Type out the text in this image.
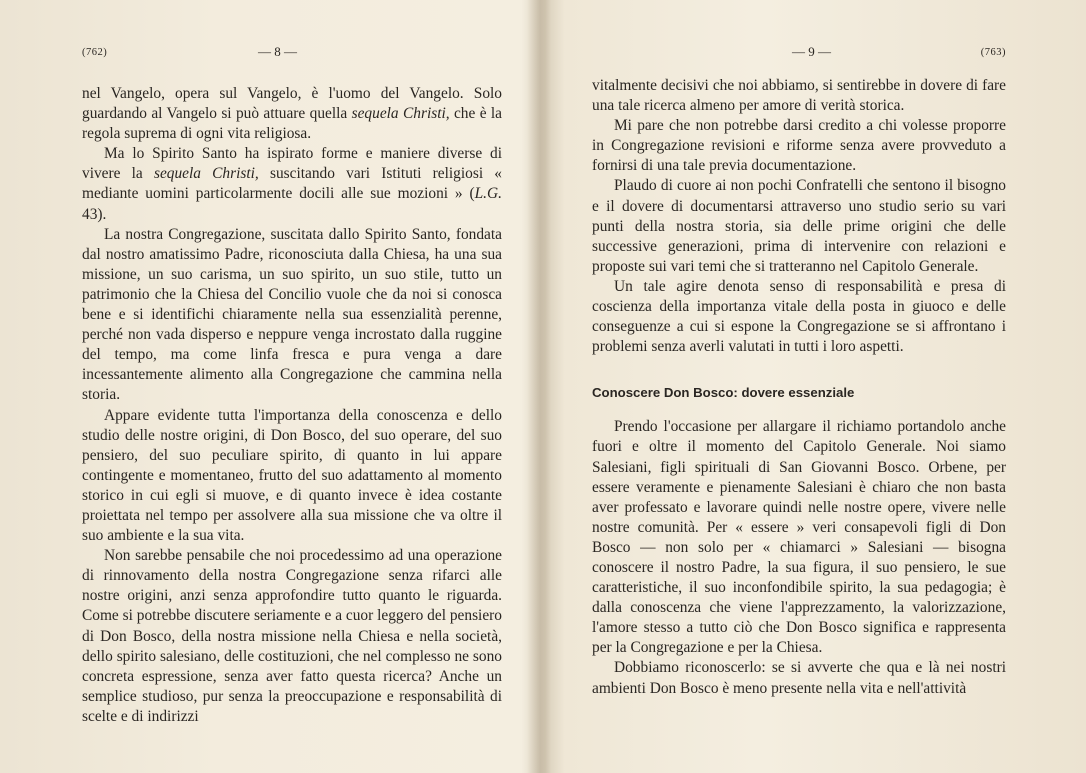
(762)	— 8 —

nel Vangelo, opera sul Vangelo, è l'uomo del Vangelo. Solo guardando al Vangelo si può attuare quella sequela Christi, che è la regola suprema di ogni vita religiosa.

Ma lo Spirito Santo ha ispirato forme e maniere diverse di vivere la sequela Christi, suscitando vari Istituti religiosi « mediante uomini particolarmente docili alle sue mozioni » (L.G. 43).

La nostra Congregazione, suscitata dallo Spirito Santo, fondata dal nostro amatissimo Padre, riconosciuta dalla Chiesa, ha una sua missione, un suo carisma, un suo spirito, un suo stile, tutto un patrimonio che la Chiesa del Concilio vuole che da noi si conosca bene e si identifichi chiaramente nella sua essenzialità perenne, perché non vada disperso e neppure venga incrostato dalla ruggine del tempo, ma come linfa fresca e pura venga a dare incessantemente alimento alla Congregazione che cammina nella storia.

Appare evidente tutta l'importanza della conoscenza e dello studio delle nostre origini, di Don Bosco, del suo operare, del suo pensiero, del suo peculiare spirito, di quanto in lui appare contingente e momentaneo, frutto del suo adattamento al momento storico in cui egli si muove, e di quanto invece è idea costante proiettata nel tempo per assolvere alla sua missione che va oltre il suo ambiente e la sua vita.

Non sarebbe pensabile che noi procedessimo ad una operazione di rinnovamento della nostra Congregazione senza rifarci alle nostre origini, anzi senza approfondire tutto quanto le riguarda. Come si potrebbe discutere seriamente e a cuor leggero del pensiero di Don Bosco, della nostra missione nella Chiesa e nella società, dello spirito salesiano, delle costituzioni, che nel complesso ne sono concreta espressione, senza aver fatto questa ricerca? Anche un semplice studioso, pur senza la preoccupazione e responsabilità di scelte e di indirizzi

— 9 —	(763)

vitalmente decisivi che noi abbiamo, si sentirebbe in dovere di fare una tale ricerca almeno per amore di verità storica.

Mi pare che non potrebbe darsi credito a chi volesse proporre in Congregazione revisioni e riforme senza avere provveduto a fornirsi di una tale previa documentazione.

Plaudo di cuore ai non pochi Confratelli che sentono il bisogno e il dovere di documentarsi attraverso uno studio serio su vari punti della nostra storia, sia delle prime origini che delle successive generazioni, prima di intervenire con relazioni e proposte sui vari temi che si tratteranno nel Capitolo Generale.

Un tale agire denota senso di responsabilità e presa di coscienza della importanza vitale della posta in giuoco e delle conseguenze a cui si espone la Congregazione se si affrontano i problemi senza averli valutati in tutti i loro aspetti.

Conoscere Don Bosco: dovere essenziale

Prendo l'occasione per allargare il richiamo portandolo anche fuori e oltre il momento del Capitolo Generale. Noi siamo Salesiani, figli spirituali di San Giovanni Bosco. Orbene, per essere veramente e pienamente Salesiani è chiaro che non basta aver professato e lavorare quindi nelle nostre opere, vivere nelle nostre comunità. Per « essere » veri consapevoli figli di Don Bosco — non solo per « chiamarci » Salesiani — bisogna conoscere il nostro Padre, la sua figura, il suo pensiero, le sue caratteristiche, il suo inconfondibile spirito, la sua pedagogia; è dalla conoscenza che viene l'apprezzamento, la valorizzazione, l'amore stesso a tutto ciò che Don Bosco significa e rappresenta per la Congregazione e per la Chiesa.

Dobbiamo riconoscerlo: se si avverte che qua e là nei nostri ambienti Don Bosco è meno presente nella vita e nell'attività
